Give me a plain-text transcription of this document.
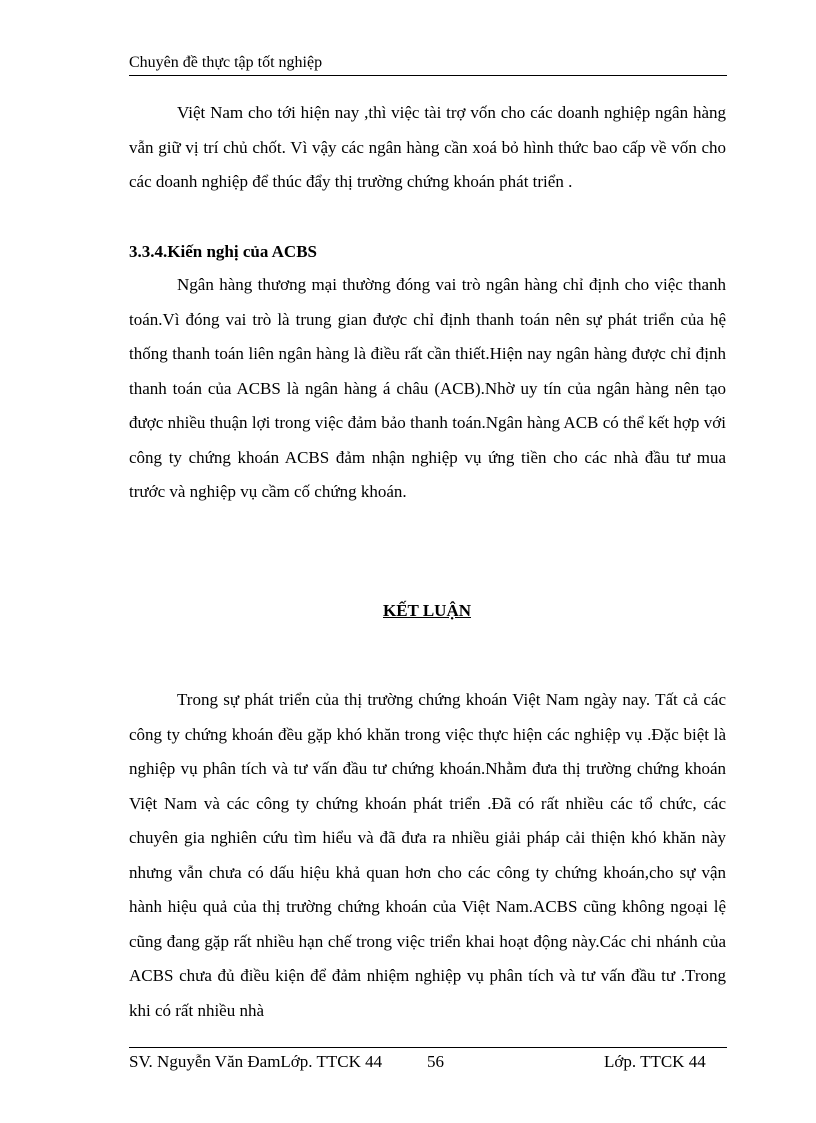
Chuyên đề thực tập tốt nghiệp

Việt Nam cho tới hiện nay ,thì việc tài trợ vốn cho các doanh nghiệp ngân hàng vẫn giữ vị trí chủ chốt. Vì vậy các ngân hàng cần xoá bỏ hình thức bao cấp về vốn cho các doanh nghiệp để thúc đẩy thị trường chứng khoán phát triển .

3.3.4.Kiến nghị của ACBS

Ngân hàng thương mại thường đóng vai trò ngân hàng chỉ định cho việc thanh toán.Vì đóng vai trò là trung gian được chỉ định thanh toán nên sự phát triển của hệ thống thanh toán liên ngân hàng là điều rất cần thiết.Hiện nay ngân hàng được chỉ định thanh toán của ACBS là ngân hàng á châu (ACB).Nhờ uy tín của ngân hàng nên tạo được nhiều thuận lợi trong việc đảm bảo thanh toán.Ngân hàng ACB có thể kết hợp với công ty chứng khoán ACBS đảm nhận nghiệp vụ ứng tiền cho các nhà đầu tư mua trước và nghiệp vụ cầm cố chứng khoán.

KẾT LUẬN

Trong sự phát triển của thị trường chứng khoán Việt Nam ngày nay. Tất cả các công ty chứng khoán đều gặp khó khăn trong việc thực hiện các nghiệp vụ .Đặc biệt là nghiệp vụ phân tích và tư vấn đầu tư chứng khoán.Nhằm đưa thị trường chứng khoán Việt Nam và các công ty chứng khoán phát triển .Đã có rất nhiều các tổ chức, các chuyên gia nghiên cứu tìm hiểu và đã đưa ra nhiều giải pháp cải thiện khó khăn này nhưng vẫn chưa có dấu hiệu khả quan hơn cho các công ty chứng khoán,cho sự vận hành hiệu quả của thị trường chứng khoán của Việt Nam.ACBS cũng không ngoại lệ cũng đang gặp rất nhiều hạn chế trong việc triển khai hoạt động này.Các chi nhánh của ACBS chưa đủ điều kiện để đảm nhiệm nghiệp vụ phân tích và tư vấn đầu tư .Trong khi có rất nhiều nhà

SV. Nguyễn Văn ĐamLớp. TTCK 44	56	Lớp. TTCK 44
